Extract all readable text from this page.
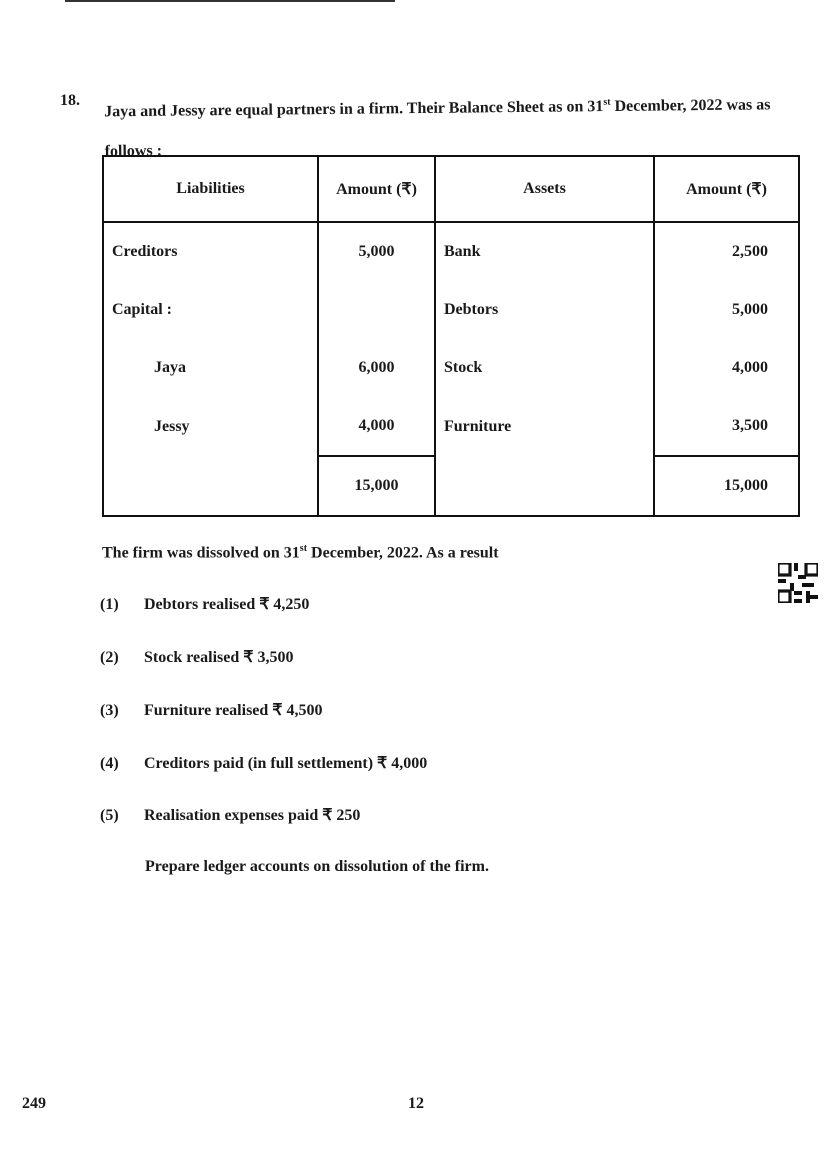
18. Jaya and Jessy are equal partners in a firm. Their Balance Sheet as on 31st December, 2022 was as follows :
Liabilities	Amount (₹)	Assets	Amount (₹)
Creditors	5,000	Bank	2,500
Capital :		Debtors	5,000
Jaya	6,000	Stock	4,000
Jessy	4,000	Furniture	3,500
	15,000		15,000
The firm was dissolved on 31st December, 2022. As a result
(1) Debtors realised ₹ 4,250
(2) Stock realised ₹ 3,500
(3) Furniture realised ₹ 4,500
(4) Creditors paid (in full settlement) ₹ 4,000
(5) Realisation expenses paid ₹ 250
Prepare ledger accounts on dissolution of the firm.
249	12
